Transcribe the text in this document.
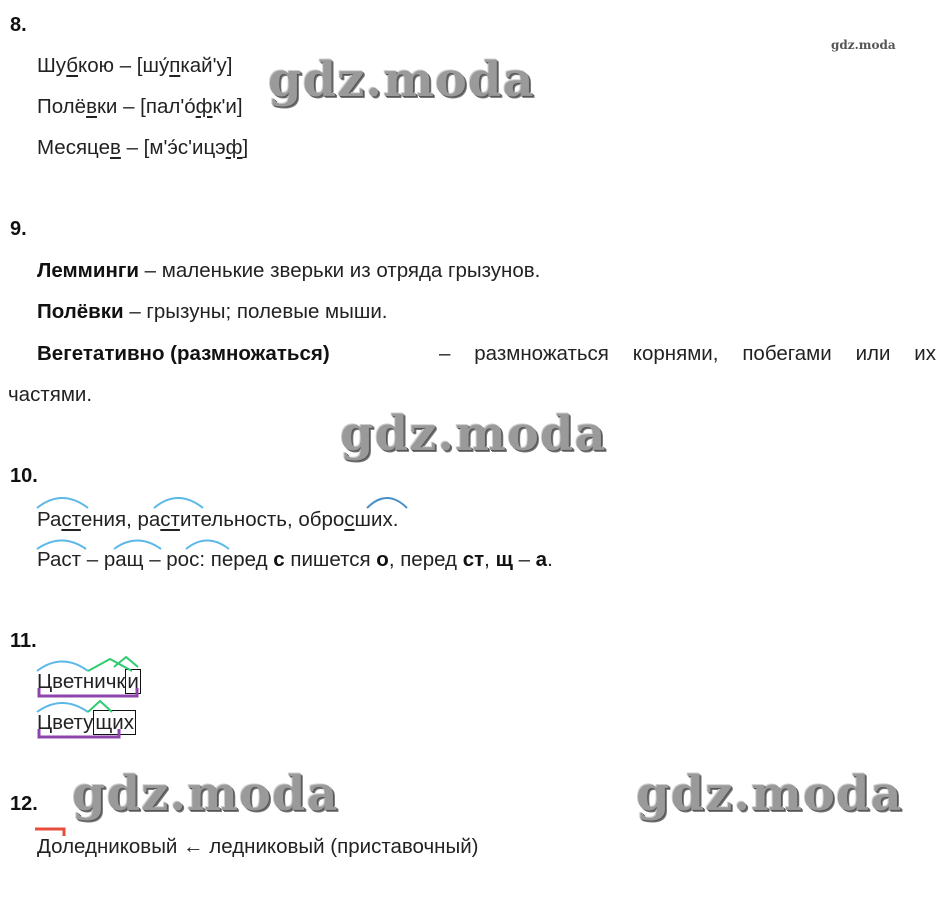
gdz.moda
8.
Шубкою – [шу́пкай'у]
Полёвки – [пал'о́фк'и]
Месяцев – [м'э́с'ицэф]
gdz.moda
9.
Лемминги – маленькие зверьки из отряда грызунов.
Полёвки – грызуны; полевые мыши.
Вегетативно (размножаться)	– размножаться корнями, побегами или их
частями.
gdz.moda
10.
Растения, растительность, обросших.
Раст – ращ – рос: перед с пишется о, перед ст, щ – а.
11.
Цветнички
Цветущих
12.
Доледниковый ← ледниковый (приставочный)
gdz.moda	gdz.moda
